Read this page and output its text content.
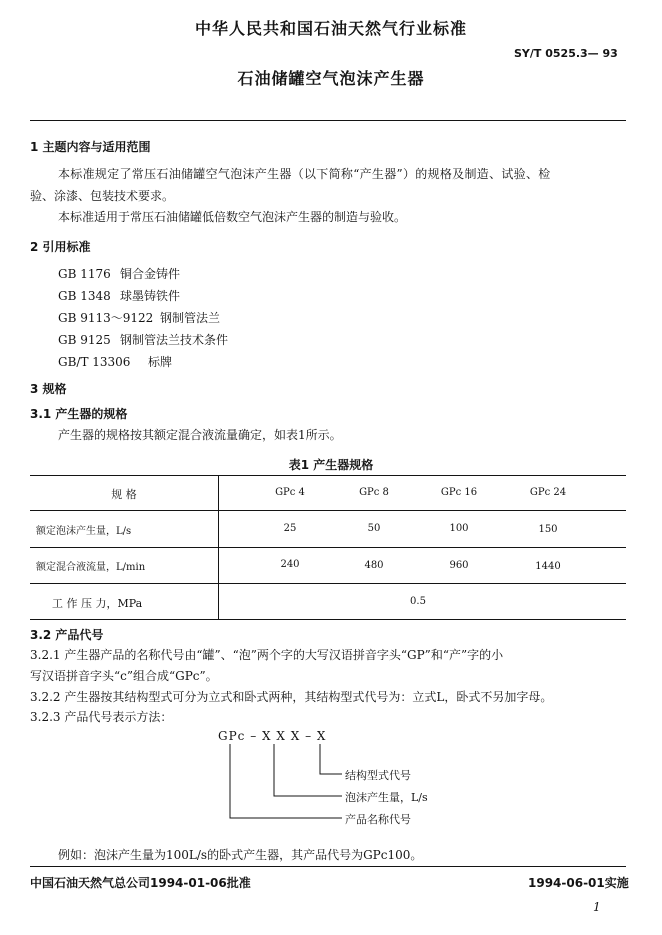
中华人民共和国石油天然气行业标准
SY/T 0525.3— 93
石油储罐空气泡沫产生器
1 主题内容与适用范围
本标准规定了常压石油储罐空气泡沫产生器（以下简称“产生器”）的规格及制造、试验、检
验、涂漆、包装技术要求。
本标准适用于常压石油储罐低倍数空气泡沫产生器的制造与验收。
2 引用标准
GB 1176 铜合金铸件
GB 1348 球墨铸铁件
GB 9113～9122 钢制管法兰
GB 9125 钢制管法兰技术条件
GB/T 13306 标牌
3 规格
3.1 产生器的规格
产生器的规格按其额定混合液流量确定，如表1所示。
表1 产生器规格
规 格	GPc 4	GPc 8	GPc 16	GPc 24
额定泡沫产生量，L/s	25	50	100	150
额定混合液流量，L/min	240	480	960	1440
工 作 压 力，MPa	0.5
3.2 产品代号
3.2.1 产生器产品的名称代号由“罐”、“泡”两个字的大写汉语拼音字头“GP”和“产”字的小
写汉语拼音字头“c”组合成“GPc”。
3.2.2 产生器按其结构型式可分为立式和卧式两种，其结构型式代号为：立式L，卧式不另加字母。
3.2.3 产品代号表示方法：
GPc – X X X – X
结构型式代号
泡沫产生量，L/s
产品名称代号
例如：泡沫产生量为100L/s的卧式产生器，其产品代号为GPc100。
中国石油天然气总公司1994-01-06批准	1994-06-01实施
1
